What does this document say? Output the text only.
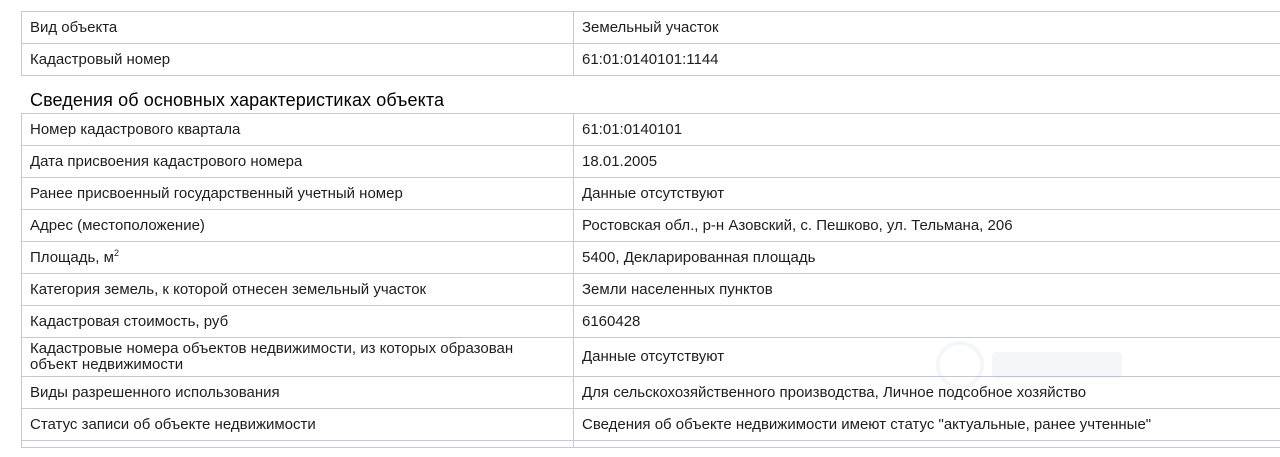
Вид объекта	Земельный участок
Кадастровый номер	61:01:0140101:1144
Сведения об основных характеристиках объекта
Номер кадастрового квартала	61:01:0140101
Дата присвоения кадастрового номера	18.01.2005
Ранее присвоенный государственный учетный номер	Данные отсутствуют
Адрес (местоположение)	Ростовская обл., р-н Азовский, с. Пешково, ул. Тельмана, 206
Площадь, $м^2$	5400, Декларированная площадь
Категория земель, к которой отнесен земельный участок	Земли населенных пунктов
Кадастровая стоимость, руб	6160428
Кадастровые номера объектов недвижимости, из которых образован объект недвижимости	Данные отсутствуют
Виды разрешенного использования	Для сельскохозяйственного производства, Личное подсобное хозяйство
Статус записи об объекте недвижимости	Сведения об объекте недвижимости имеют статус "актуальные, ранее учтенные"
